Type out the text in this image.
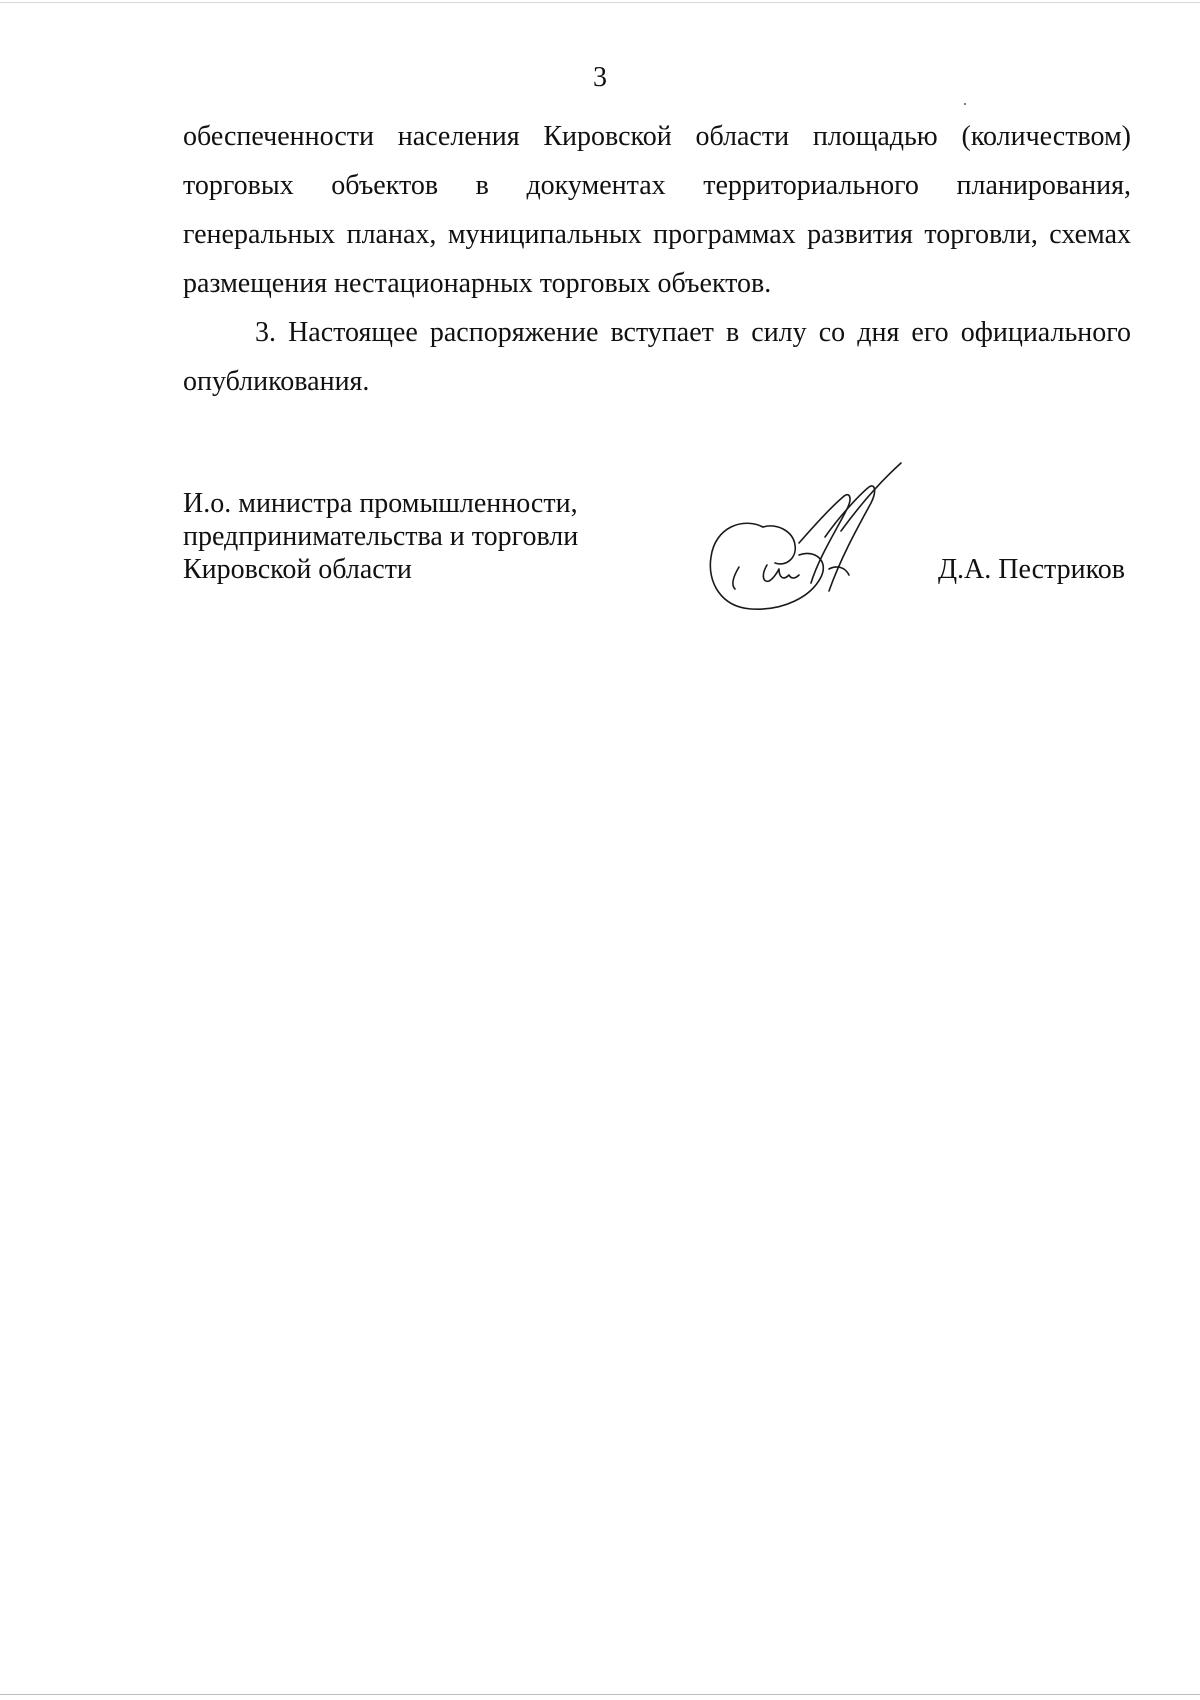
3

обеспеченности населения Кировской области площадью (количеством) торговых объектов в документах территориального планирования, генеральных планах, муниципальных программах развития торговли, схемах размещения нестационарных торговых объектов.

3. Настоящее распоряжение вступает в силу со дня его официального опубликования.

И.о. министра промышленности,
предпринимательства и торговли
Кировской области	Д.А. Пестриков
